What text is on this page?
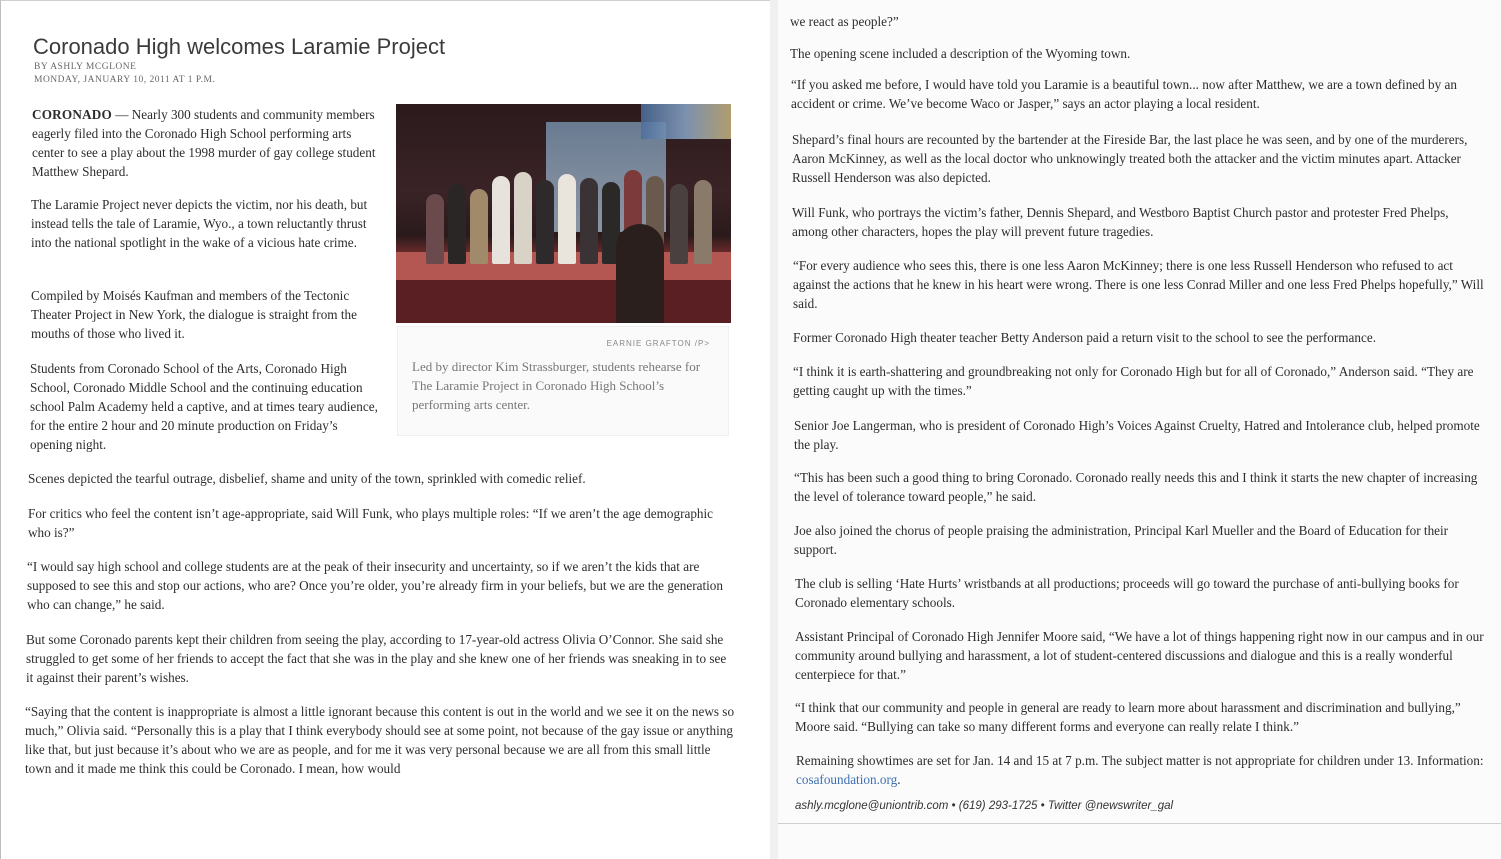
Coronado High welcomes Laramie Project

BY ASHLY MCGLONE

MONDAY, JANUARY 10, 2011 AT 1 P.M.

CORONADO — Nearly 300 students and community members eagerly filed into the Coronado High School performing arts center to see a play about the 1998 murder of gay college student Matthew Shepard.

The Laramie Project never depicts the victim, nor his death, but instead tells the tale of Laramie, Wyo., a town reluctantly thrust into the national spotlight in the wake of a vicious hate crime.

Compiled by Moisés Kaufman and members of the Tectonic Theater Project in New York, the dialogue is straight from the mouths of those who lived it.

Students from Coronado School of the Arts, Coronado High School, Coronado Middle School and the continuing education school Palm Academy held a captive, and at times teary audience, for the entire 2 hour and 20 minute production on Friday’s opening night.

EARNIE GRAFTON /P>

Led by director Kim Strassburger, students rehearse for The Laramie Project in Coronado High School’s performing arts center.

Scenes depicted the tearful outrage, disbelief, shame and unity of the town, sprinkled with comedic relief.

For critics who feel the content isn’t age-appropriate, said Will Funk, who plays multiple roles: “If we aren’t the age demographic who is?”

“I would say high school and college students are at the peak of their insecurity and uncertainty, so if we aren’t the kids that are supposed to see this and stop our actions, who are? Once you’re older, you’re already firm in your beliefs, but we are the generation who can change,” he said.

But some Coronado parents kept their children from seeing the play, according to 17-year-old actress Olivia O’Connor. She said she struggled to get some of her friends to accept the fact that she was in the play and she knew one of her friends was sneaking in to see it against their parent’s wishes.

“Saying that the content is inappropriate is almost a little ignorant because this content is out in the world and we see it on the news so much,” Olivia said. “Personally this is a play that I think everybody should see at some point, not because of the gay issue or anything like that, but just because it’s about who we are as people, and for me it was very personal because we are all from this small little town and it made me think this could be Coronado. I mean, how would

we react as people?”

The opening scene included a description of the Wyoming town.

“If you asked me before, I would have told you Laramie is a beautiful town... now after Matthew, we are a town defined by an accident or crime. We’ve become Waco or Jasper,” says an actor playing a local resident.

Shepard’s final hours are recounted by the bartender at the Fireside Bar, the last place he was seen, and by one of the murderers, Aaron McKinney, as well as the local doctor who unknowingly treated both the attacker and the victim minutes apart. Attacker Russell Henderson was also depicted.

Will Funk, who portrays the victim’s father, Dennis Shepard, and Westboro Baptist Church pastor and protester Fred Phelps, among other characters, hopes the play will prevent future tragedies.

“For every audience who sees this, there is one less Aaron McKinney; there is one less Russell Henderson who refused to act against the actions that he knew in his heart were wrong. There is one less Conrad Miller and one less Fred Phelps hopefully,” Will said.

Former Coronado High theater teacher Betty Anderson paid a return visit to the school to see the performance.

“I think it is earth-shattering and groundbreaking not only for Coronado High but for all of Coronado,” Anderson said. “They are getting caught up with the times.”

Senior Joe Langerman, who is president of Coronado High’s Voices Against Cruelty, Hatred and Intolerance club, helped promote the play.

“This has been such a good thing to bring Coronado. Coronado really needs this and I think it starts the new chapter of increasing the level of tolerance toward people,” he said.

Joe also joined the chorus of people praising the administration, Principal Karl Mueller and the Board of Education for their support.

The club is selling ‘Hate Hurts’ wristbands at all productions; proceeds will go toward the purchase of anti-bullying books for Coronado elementary schools.

Assistant Principal of Coronado High Jennifer Moore said, “We have a lot of things happening right now in our campus and in our community around bullying and harassment, a lot of student-centered discussions and dialogue and this is a really wonderful centerpiece for that.”

“I think that our community and people in general are ready to learn more about harassment and discrimination and bullying,” Moore said. “Bullying can take so many different forms and everyone can really relate I think.”

Remaining showtimes are set for Jan. 14 and 15 at 7 p.m. The subject matter is not appropriate for children under 13. Information: cosafoundation.org.

ashly.mcglone@uniontrib.com • (619) 293-1725 • Twitter @newswriter_gal
